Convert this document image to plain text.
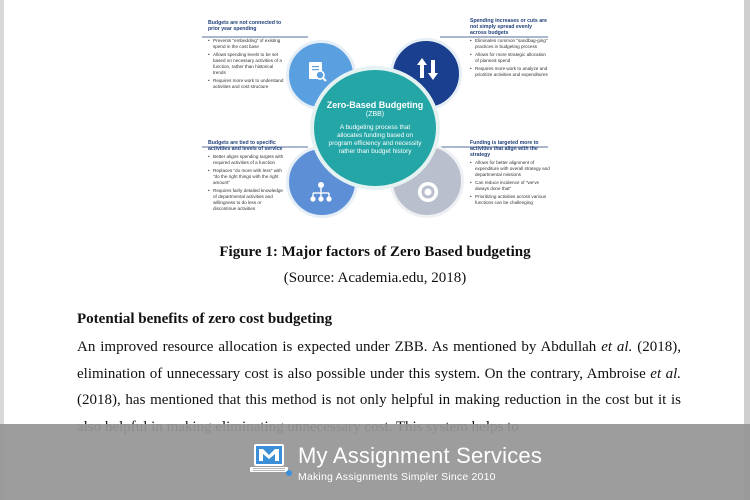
Zero-Based Budgeting
(ZBB)
A budgeting process that allocates funding based on program efficiency and necessity rather than budget history
Budgets are not connected to prior year spending
• Prevents "embedding" of existing spend in the cost base
• Allows spending levels to be set based on necessary activities of a function, rather than historical trends
• Requires more work to understand activities and cost structure
Spending increases or cuts are not simply spread evenly across budgets
• Eliminates common "sandbag-ging" practices in budgeting process
• Allows for more strategic allocation of planned spend
• Requires more work to analyze and prioritize activities and expenditures
Budgets are tied to specific activities and levels of service
• Better aligns spending targets with required activities of a function
• Replaces "do more with less" with "do the right things with the right amount"
• Requires fairly detailed knowledge of departmental activities and willingness to do less or discontinue activities
Funding is targeted more to activities that align with the strategy
• Allows for better alignment of expenditure with overall strategy and departmental missions
• Can reduce incidence of "we've always done that"
• Prioritizing activities across various functions can be challenging
Figure 1: Major factors of Zero Based budgeting
(Source: Academia.edu, 2018)
Potential benefits of zero cost budgeting
An improved resource allocation is expected under ZBB. As mentioned by Abdullah et al. (2018), elimination of unnecessary cost is also possible under this system. On the contrary, Ambroise et al. (2018), has mentioned that this method is not only helpful in making reduction in the cost but it is
My Assignment Services
Making Assignments Simpler Since 2010
